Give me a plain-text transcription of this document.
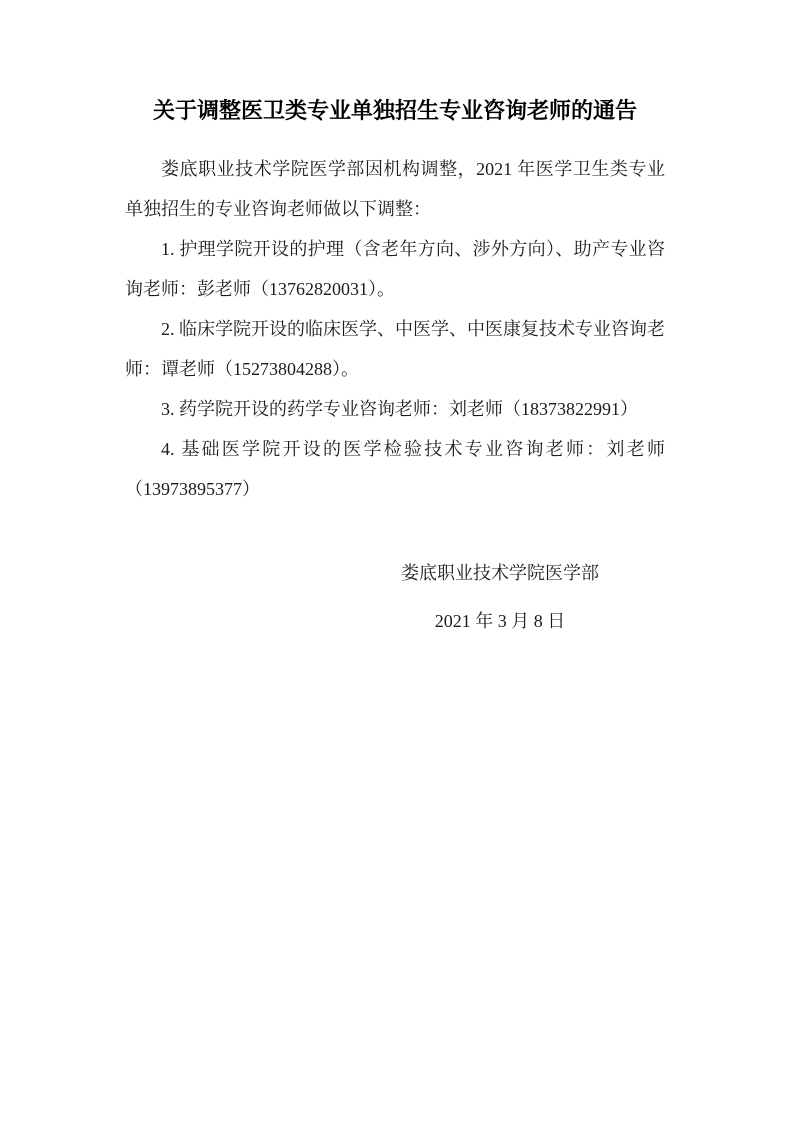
关于调整医卫类专业单独招生专业咨询老师的通告

娄底职业技术学院医学部因机构调整，2021 年医学卫生类专业单独招生的专业咨询老师做以下调整：

1. 护理学院开设的护理（含老年方向、涉外方向）、助产专业咨询老师：彭老师（13762820031）。

2. 临床学院开设的临床医学、中医学、中医康复技术专业咨询老师：谭老师（15273804288）。

3. 药学院开设的药学专业咨询老师：刘老师（18373822991）

4. 基础医学院开设的医学检验技术专业咨询老师：刘老师（13973895377）

娄底职业技术学院医学部
2021 年 3 月 8 日
